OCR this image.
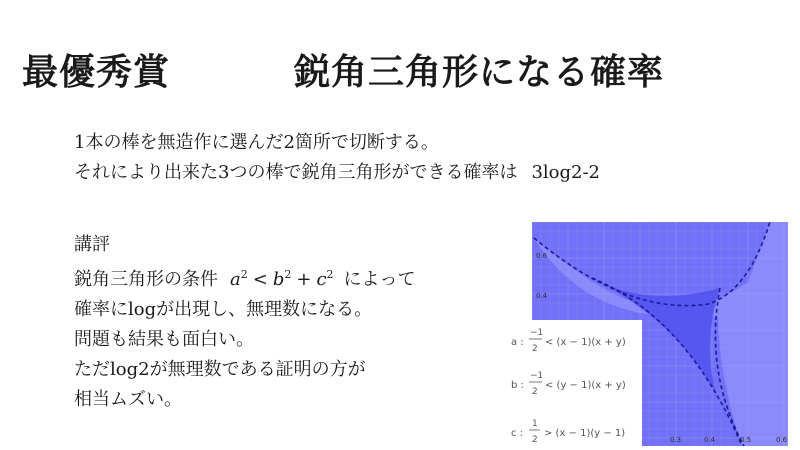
最優秀賞	鋭角三角形になる確率
1本の棒を無造作に選んだ2箇所で切断する。
それにより出来た3つの棒で鋭角三角形ができる確率は 3log2-2
講評
鋭角三角形の条件 $a^2 < b^2 + c^2$ によって
確率にlogが出現し、無理数になる。
問題も結果も面白い。
ただlog2が無理数である証明の方が
相当ムズい。
0.6
0.4
0.3	0.4	0.5	0.6
a :
−1
2
< (x − 1)(x + y)
b :
−1
2
< (y − 1)(x + y)
c :
1
2
> (x − 1)(y − 1)
